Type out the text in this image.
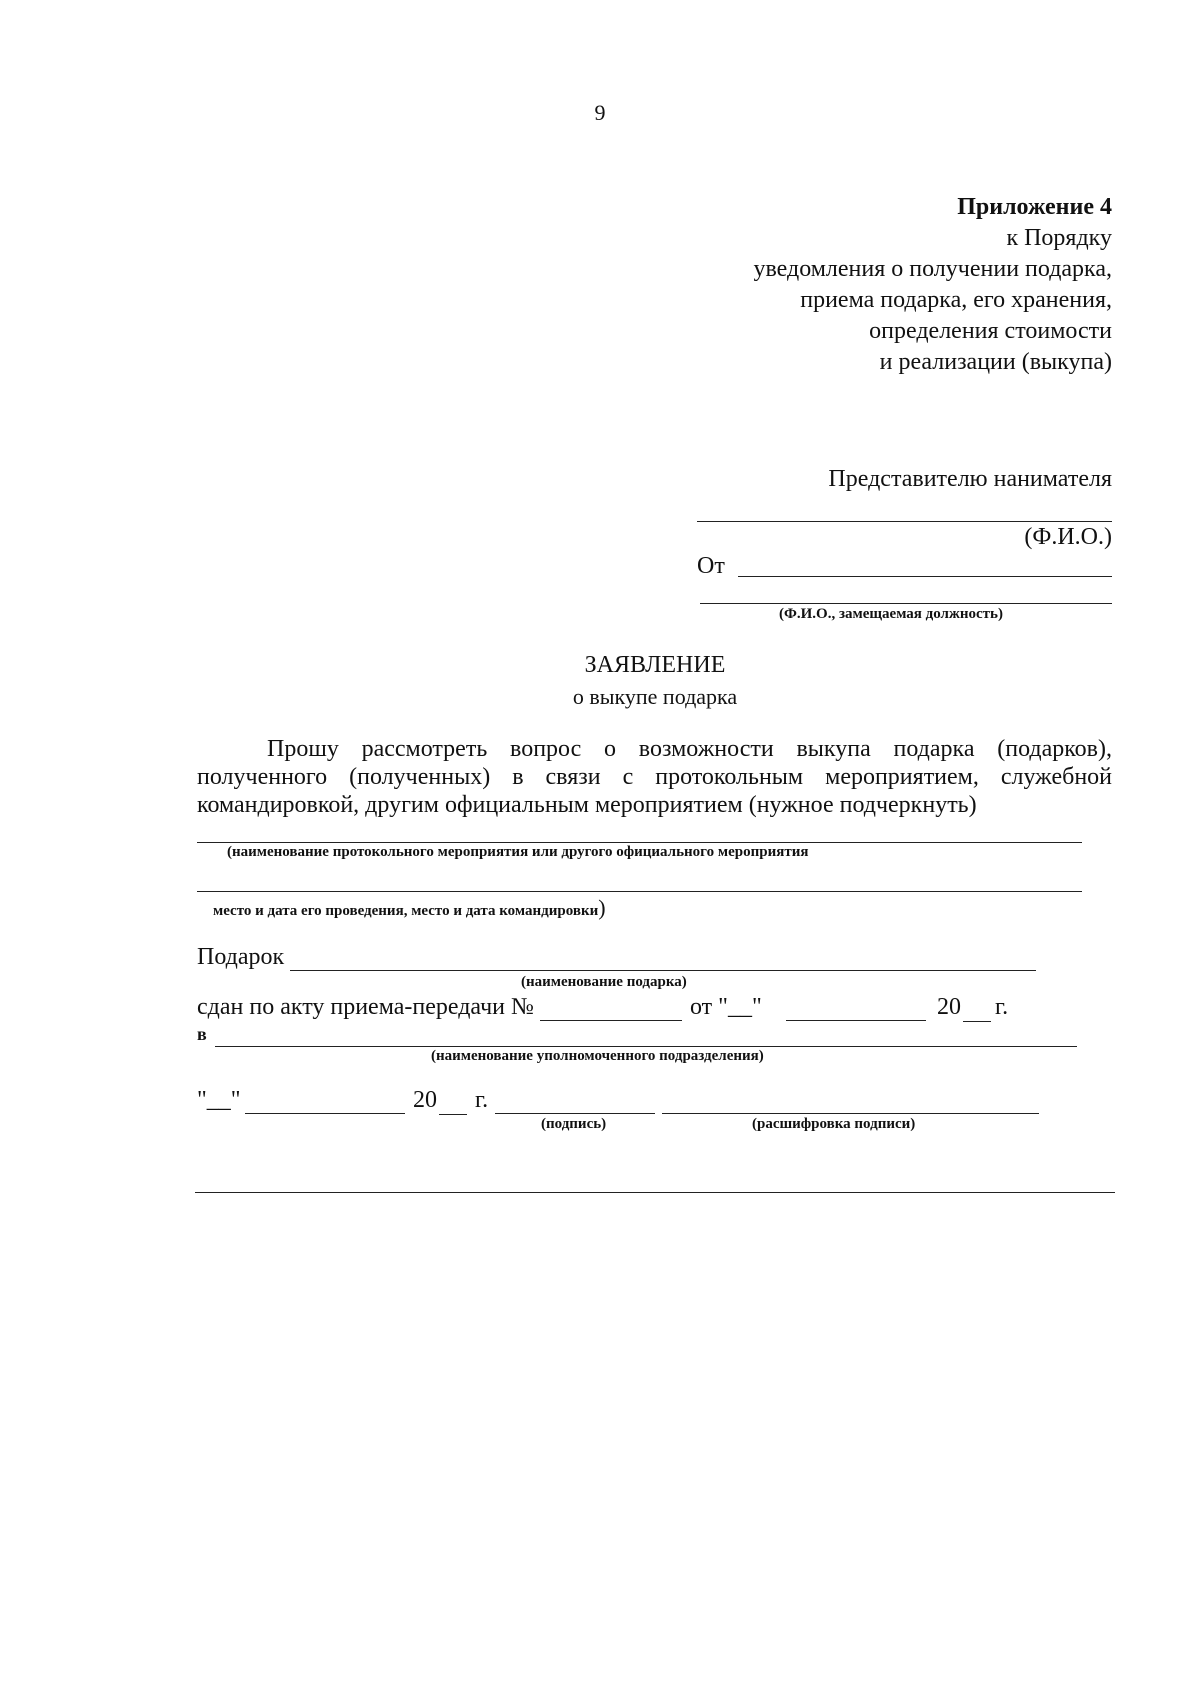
9
Приложение 4
к Порядку
уведомления о получении подарка,
приема подарка, его хранения,
определения стоимости
и реализации (выкупа)
Представителю нанимателя
(Ф.И.О.)
От
(Ф.И.О., замещаемая должность)
ЗАЯВЛЕНИЕ
о выкупе подарка
Прошу рассмотреть вопрос о возможности выкупа подарка (подарков), полученного (полученных) в связи с протокольным мероприятием, служебной командировкой, другим официальным мероприятием (нужное подчеркнуть)
(наименование протокольного мероприятия или другого официального мероприятия
место и дата его проведения, место и дата командировки)
Подарок
(наименование подарка)
сдан по акту приема-передачи №	от "__"	20 г.
в
(наименование уполномоченного подразделения)
"__"	20 г.
(подпись)	(расшифровка подписи)
